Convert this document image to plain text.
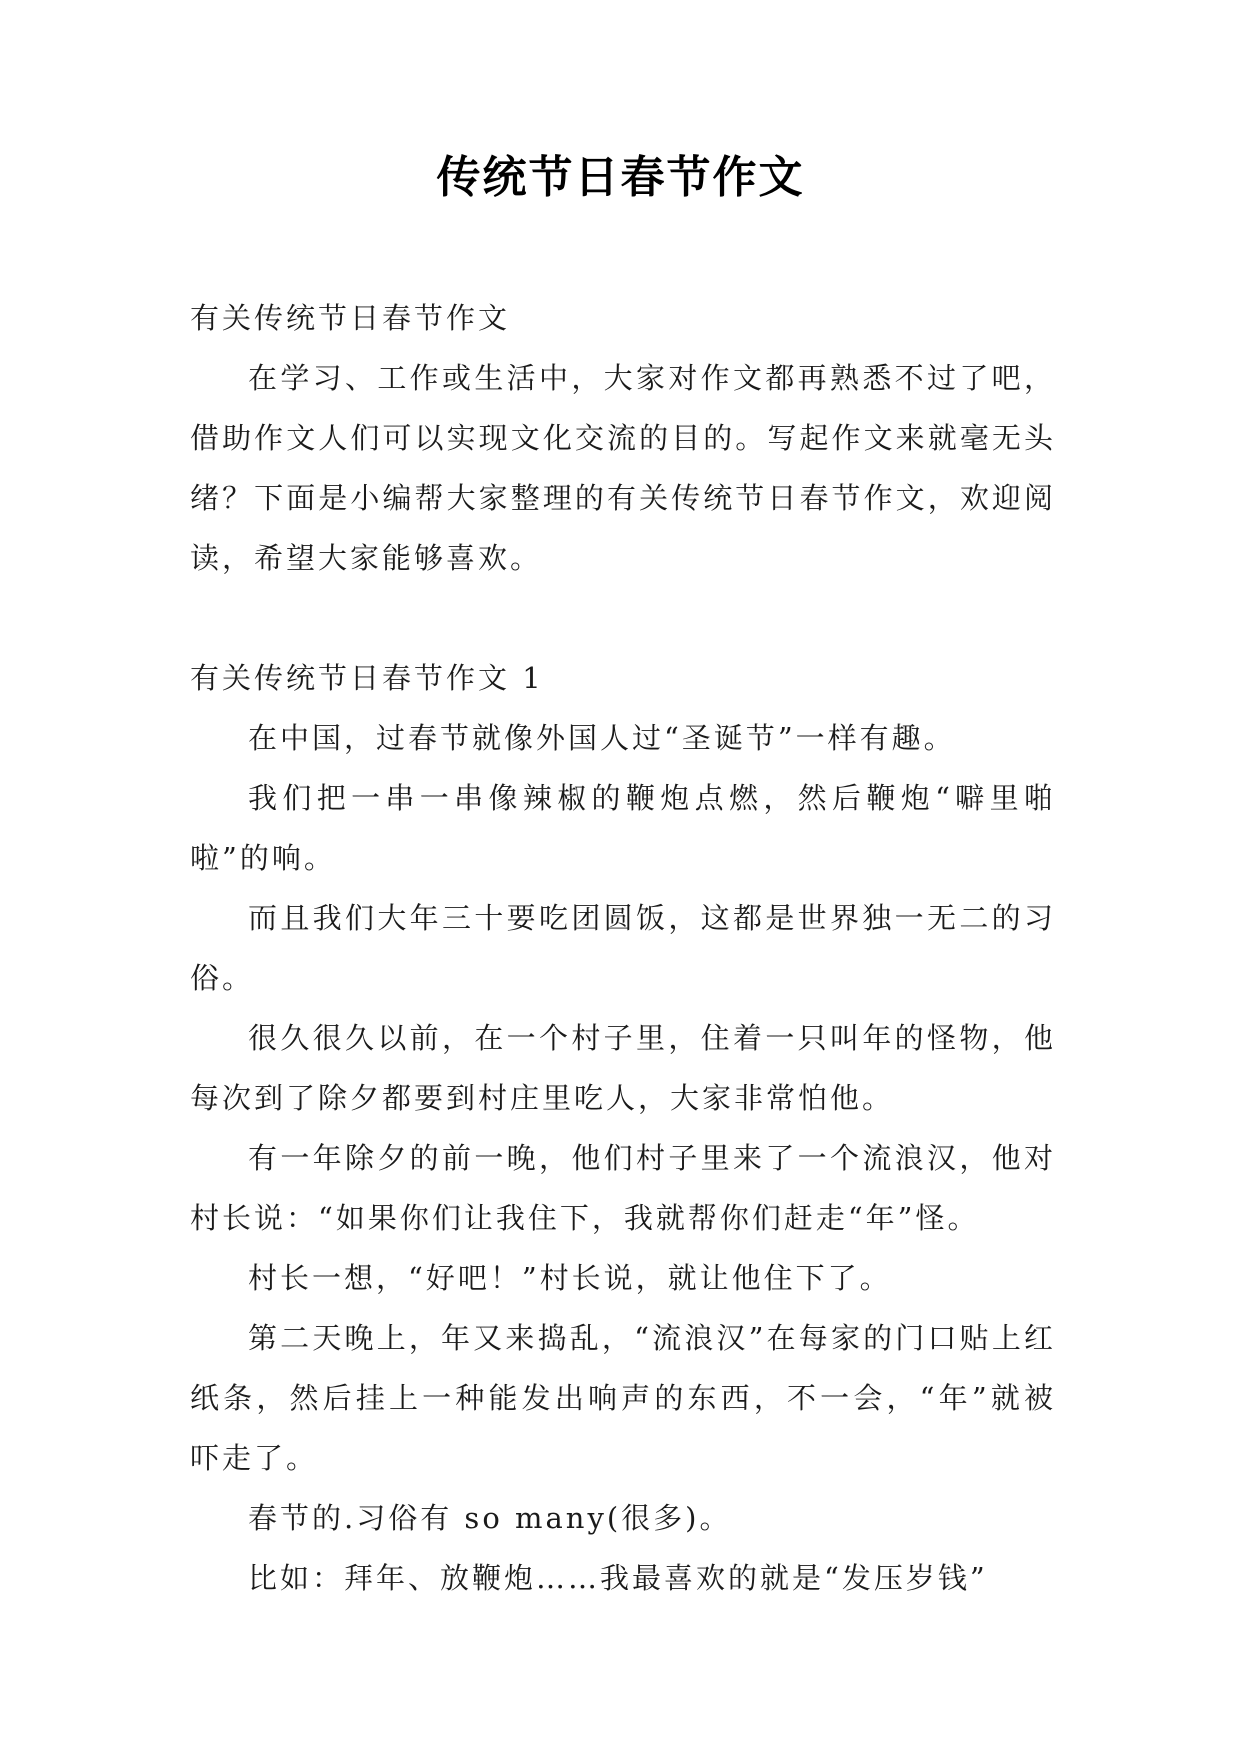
传统节日春节作文

有关传统节日春节作文

在学习、工作或生活中，大家对作文都再熟悉不过了吧，借助作文人们可以实现文化交流的目的。写起作文来就毫无头绪？下面是小编帮大家整理的有关传统节日春节作文，欢迎阅读，希望大家能够喜欢。

有关传统节日春节作文 1

在中国，过春节就像外国人过“圣诞节”一样有趣。

我们把一串一串像辣椒的鞭炮点燃，然后鞭炮“噼里啪啦”的响。

而且我们大年三十要吃团圆饭，这都是世界独一无二的习俗。

很久很久以前，在一个村子里，住着一只叫年的怪物，他每次到了除夕都要到村庄里吃人，大家非常怕他。

有一年除夕的前一晚，他们村子里来了一个流浪汉，他对村长说：“如果你们让我住下，我就帮你们赶走“年”怪。

村长一想，“好吧！”村长说，就让他住下了。

第二天晚上，年又来捣乱，“流浪汉”在每家的门口贴上红纸条，然后挂上一种能发出响声的东西，不一会，“年”就被吓走了。

春节的.习俗有 so many(很多)。

比如：拜年、放鞭炮……我最喜欢的就是“发压岁钱”
